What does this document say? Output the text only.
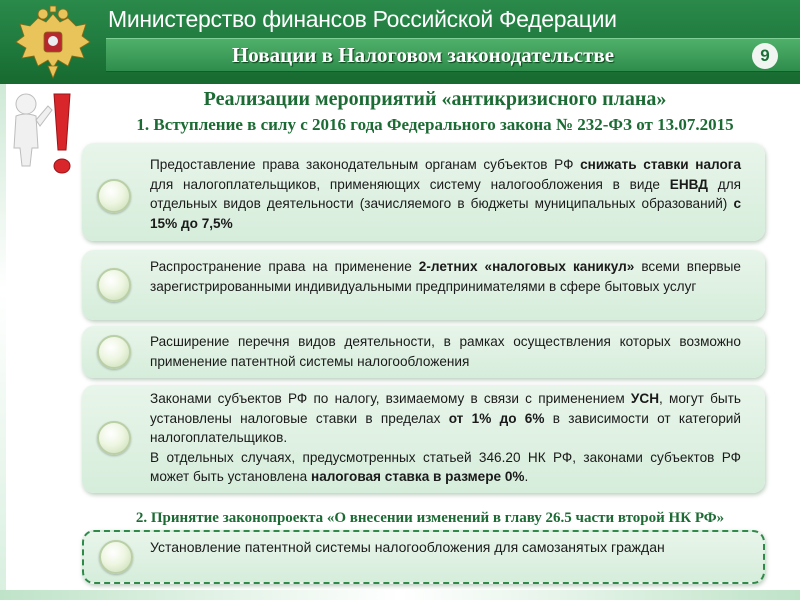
Министерство финансов Российской Федерации
Новации в Налоговом законодательстве	9
Реализации мероприятий «антикризисного плана»
1. Вступление в силу с 2016 года Федерального закона № 232-ФЗ от 13.07.2015
Предоставление права законодательным органам субъектов РФ снижать ставки налога для налогоплательщиков, применяющих систему налогообложения в виде ЕНВД для отдельных видов деятельности (зачисляемого в бюджеты муниципальных образований) с 15% до 7,5%
Распространение права на применение 2-летних «налоговых каникул» всеми впервые зарегистрированными индивидуальными предпринимателями в сфере бытовых услуг
Расширение перечня видов деятельности, в рамках осуществления которых возможно применение патентной системы налогообложения
Законами субъектов РФ по налогу, взимаемому в связи с применением УСН, могут быть установлены налоговые ставки в пределах от 1% до 6% в зависимости от категорий налогоплательщиков.
В отдельных случаях, предусмотренных статьей 346.20 НК РФ, законами субъектов РФ может быть установлена налоговая ставка в размере 0%.
2. Принятие законопроекта «О внесении изменений в главу 26.5 части второй НК РФ»
Установление патентной системы налогообложения для самозанятых граждан
